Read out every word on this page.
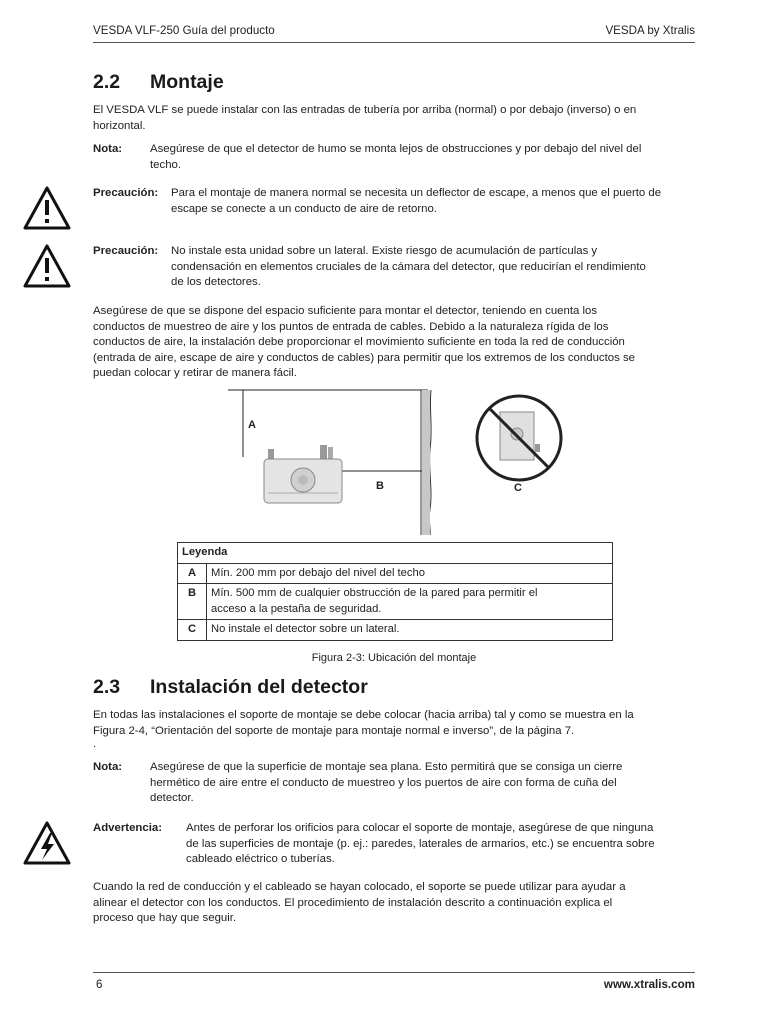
VESDA VLF-250 Guía del producto	VESDA by Xtralis
2.2 Montaje
El VESDA VLF se puede instalar con las entradas de tubería por arriba (normal) o por debajo (inverso) o en
horizontal.
Nota: Asegúrese de que el detector de humo se monta lejos de obstrucciones y por debajo del nivel del
techo.
Precaución: Para el montaje de manera normal se necesita un deflector de escape, a menos que el puerto de
escape se conecte a un conducto de aire de retorno.
Precaución: No instale esta unidad sobre un lateral. Existe riesgo de acumulación de partículas y
condensación en elementos cruciales de la cámara del detector, que reducirían el rendimiento
de los detectores.
Asegúrese de que se dispone del espacio suficiente para montar el detector, teniendo en cuenta los
conductos de muestreo de aire y los puntos de entrada de cables. Debido a la naturaleza rígida de los
conductos de aire, la instalación debe proporcionar el movimiento suficiente en toda la red de conducción
(entrada de aire, escape de aire y conductos de cables) para permitir que los extremos de los conductos se
puedan colocar y retirar de manera fácil.
A
B	C
Leyenda	
A	Mín. 200 mm por debajo del nivel del techo
B	Mín. 500 mm de cualquier obstrucción de la pared para permitir el
acceso a la pestaña de seguridad.

C	No instale el detector sobre un lateral.
Figura 2-3: Ubicación del montaje
2.3 Instalación del detector
En todas las instalaciones el soporte de montaje se debe colocar (hacia arriba) tal y como se muestra en la
Figura 2-4, “Orientación del soporte de montaje para montaje normal e inverso”, de la página 7.
.
Nota: Asegúrese de que la superficie de montaje sea plana. Esto permitirá que se consiga un cierre
hermético de aire entre el conducto de muestreo y los puertos de aire con forma de cuña del
detector.
Advertencia: Antes de perforar los orificios para colocar el soporte de montaje, asegúrese de que ninguna
de las superficies de montaje (p. ej.: paredes, laterales de armarios, etc.) se encuentra sobre
cableado eléctrico o tuberías.
Cuando la red de conducción y el cableado se hayan colocado, el soporte se puede utilizar para ayudar a
alinear el detector con los conductos. El procedimiento de instalación descrito a continuación explica el
proceso que hay que seguir.
6	www.xtralis.com
